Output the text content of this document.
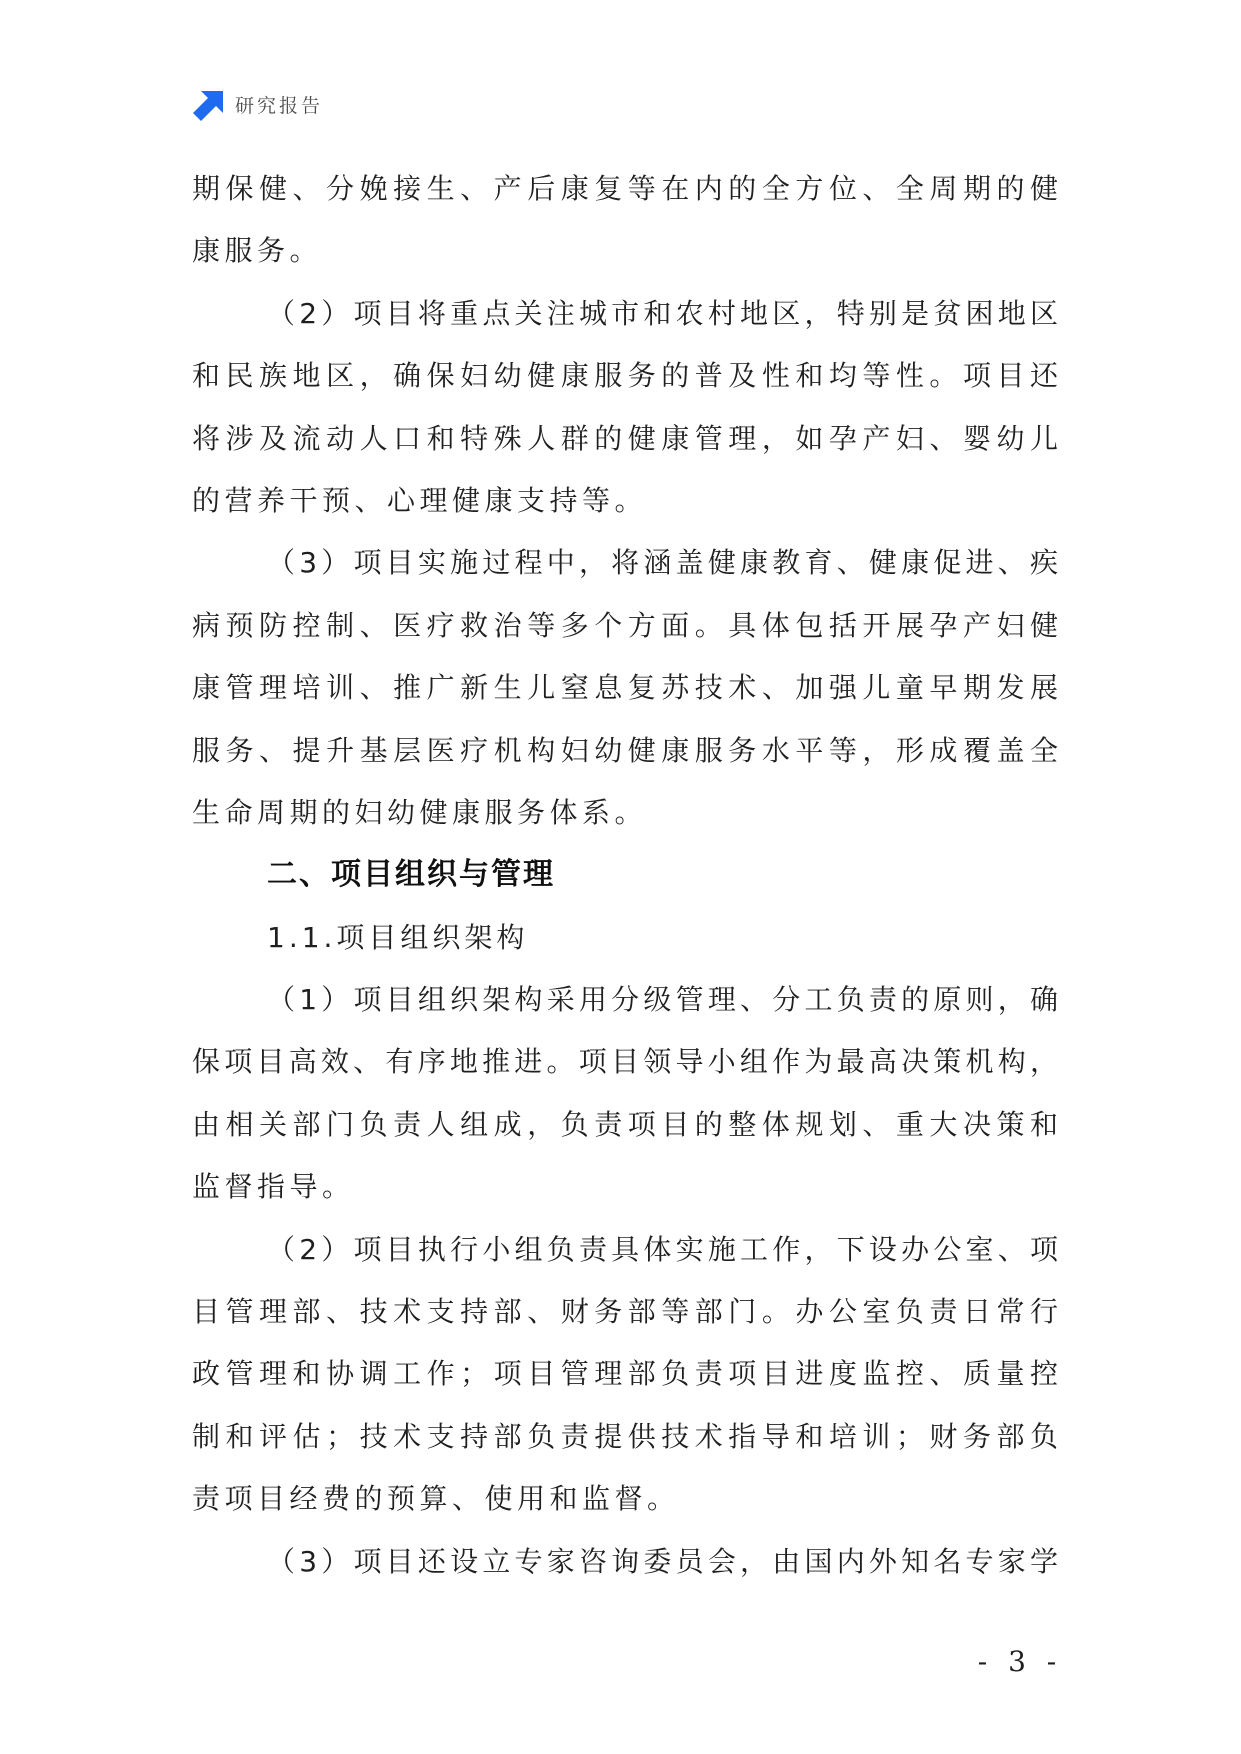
研究报告
期保健、分娩接生、产后康复等在内的全方位、全周期的健
康服务。
（2）项目将重点关注城市和农村地区，特别是贫困地区
和民族地区，确保妇幼健康服务的普及性和均等性。项目还
将涉及流动人口和特殊人群的健康管理，如孕产妇、婴幼儿
的营养干预、心理健康支持等。
（3）项目实施过程中，将涵盖健康教育、健康促进、疾
病预防控制、医疗救治等多个方面。具体包括开展孕产妇健
康管理培训、推广新生儿窒息复苏技术、加强儿童早期发展
服务、提升基层医疗机构妇幼健康服务水平等，形成覆盖全
生命周期的妇幼健康服务体系。
二、项目组织与管理
1.1.项目组织架构
（1）项目组织架构采用分级管理、分工负责的原则，确
保项目高效、有序地推进。项目领导小组作为最高决策机构，
由相关部门负责人组成，负责项目的整体规划、重大决策和
监督指导。
（2）项目执行小组负责具体实施工作，下设办公室、项
目管理部、技术支持部、财务部等部门。办公室负责日常行
政管理和协调工作；项目管理部负责项目进度监控、质量控
制和评估；技术支持部负责提供技术指导和培训；财务部负
责项目经费的预算、使用和监督。
（3）项目还设立专家咨询委员会，由国内外知名专家学
- 3 -
